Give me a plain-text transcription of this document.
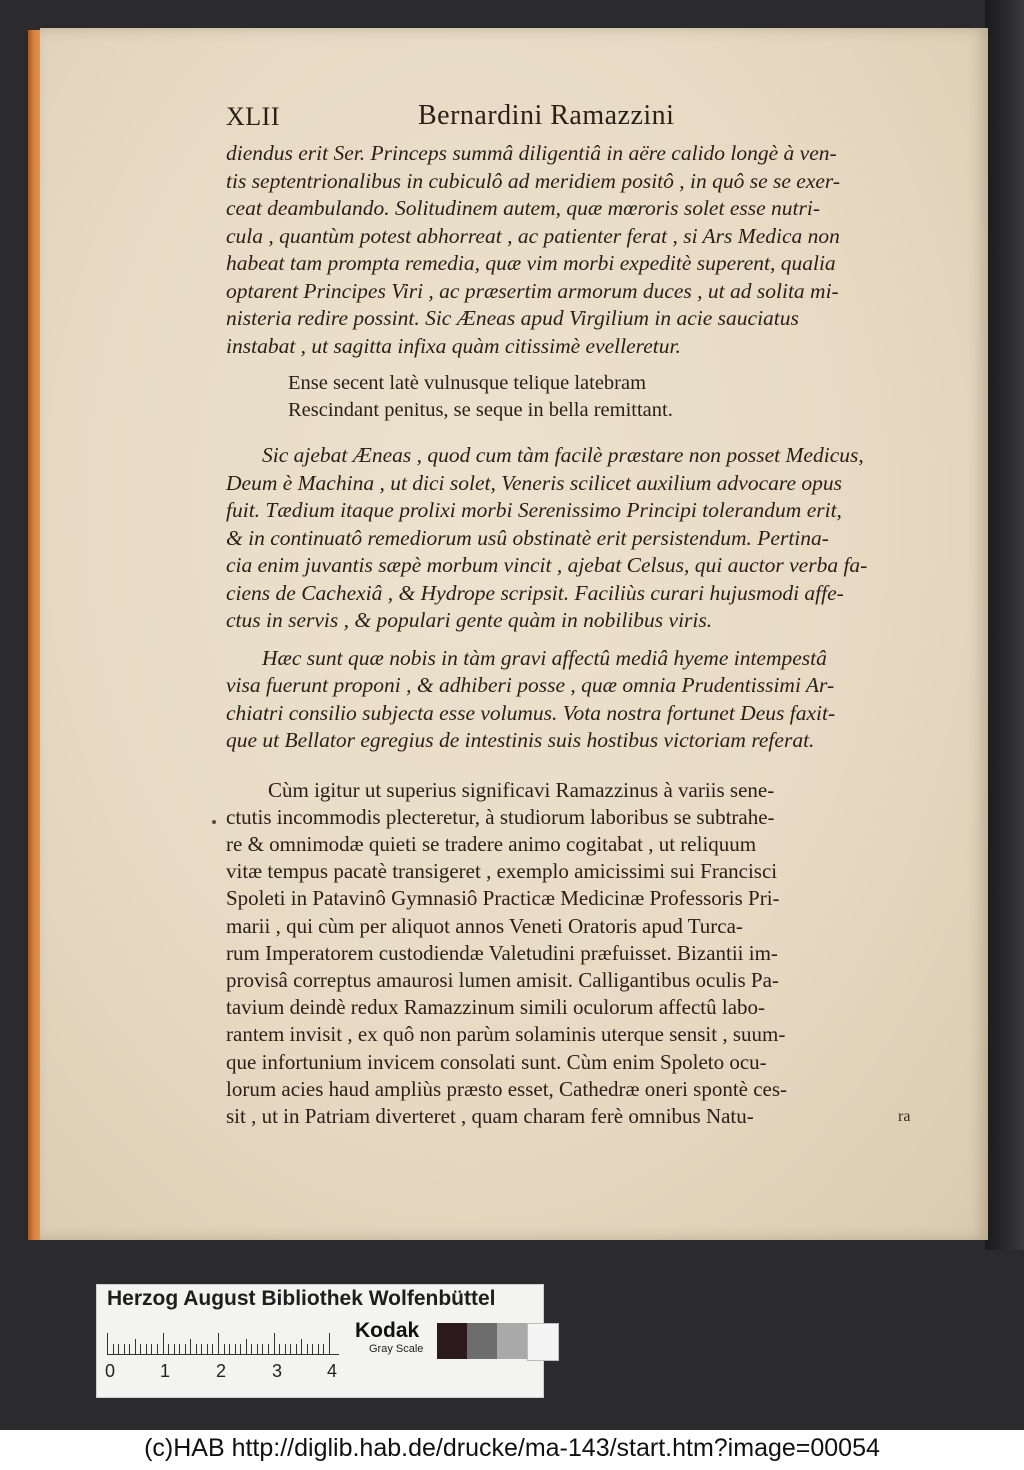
XLII	Bernardini Ramazzini
diendus erit Ser. Princeps summâ diligentiâ in aëre calido longè à ven-
tis septentrionalibus in cubiculô ad meridiem positô , in quô se se exer-
ceat deambulando. Solitudinem autem, quæ mœroris solet esse nutri-
cula , quantùm potest abhorreat , ac patienter ferat , si Ars Medica non
habeat tam prompta remedia, quæ vim morbi expeditè superent, qualia
optarent Principes Viri , ac præsertim armorum duces , ut ad solita mi-
nisteria redire possint. Sic Æneas apud Virgilium in acie sauciatus
instabat , ut sagitta infixa quàm citissimè evelleretur.
Ense secent latè vulnusque telique latebram
Rescindant penitus, se seque in bella remittant.
Sic ajebat Æneas , quod cum tàm facilè præstare non posset Medicus,
Deum è Machina , ut dici solet, Veneris scilicet auxilium advocare opus
fuit. Tædium itaque prolixi morbi Serenissimo Principi tolerandum erit,
& in continuatô remediorum usû obstinatè erit persistendum. Pertina-
cia enim juvantis sæpè morbum vincit , ajebat Celsus, qui auctor verba fa-
ciens de Cachexiâ , & Hydrope scripsit. Faciliùs curari hujusmodi affe-
ctus in servis , & populari gente quàm in nobilibus viris.
Hæc sunt quæ nobis in tàm gravi affectû mediâ hyeme intempestâ
visa fuerunt proponi , & adhiberi posse , quæ omnia Prudentissimi Ar-
chiatri consilio subjecta esse volumus. Vota nostra fortunet Deus faxit-
que ut Bellator egregius de intestinis suis hostibus victoriam referat.
Cùm igitur ut superius significavi Ramazzinus à variis sene-
ctutis incommodis plecteretur, à studiorum laboribus se subtrahe-
re & omnimodæ quieti se tradere animo cogitabat , ut reliquum
vitæ tempus pacatè transigeret , exemplo amicissimi sui Francisci
Spoleti in Patavinô Gymnasiô Practicæ Medicinæ Professoris Pri-
marii , qui cùm per aliquot annos Veneti Oratoris apud Turca-
rum Imperatorem custodiendæ Valetudini præfuisset. Bizantii im-
provisâ correptus amaurosi lumen amisit. Calligantibus oculis Pa-
tavium deindè redux Ramazzinum simili oculorum affectû labo-
rantem invisit , ex quô non parùm solaminis uterque sensit , suum-
que infortunium invicem consolati sunt. Cùm enim Spoleto ocu-
lorum acies haud ampliùs præsto esset, Cathedræ oneri spontè ces-
sit , ut in Patriam diverteret , quam charam ferè omnibus Natu-	ra
Herzog August Bibliothek Wolfenbüttel
0 1	2	3 4
Kodak
Gray Scale
(c)HAB http://diglib.hab.de/drucke/ma-143/start.htm?image=00054
